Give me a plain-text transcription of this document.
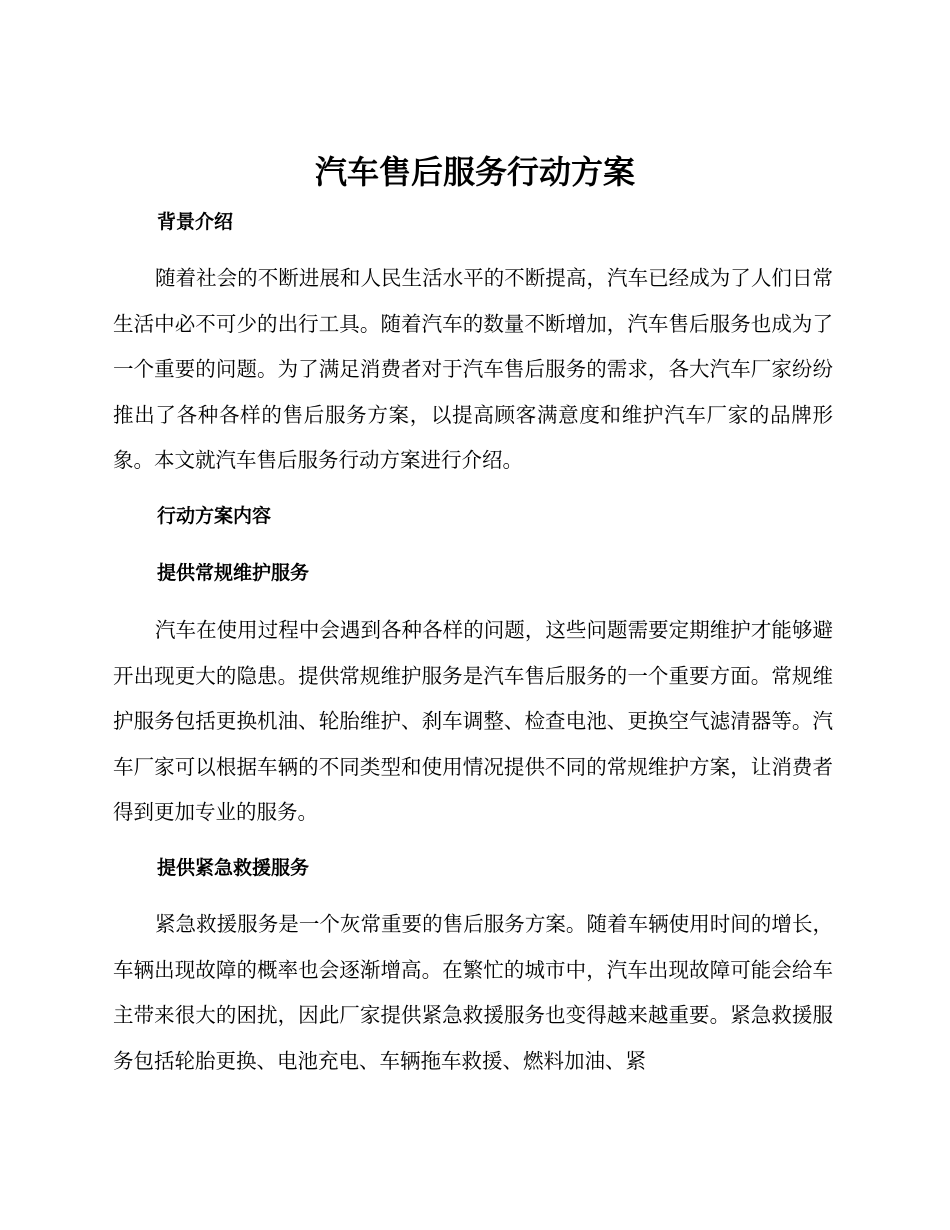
汽车售后服务行动方案
背景介绍

随着社会的不断进展和人民生活水平的不断提高，汽车已经成为了人们日常生活中必不可少的出行工具。随着汽车的数量不断增加，汽车售后服务也成为了一个重要的问题。为了满足消费者对于汽车售后服务的需求，各大汽车厂家纷纷推出了各种各样的售后服务方案，以提高顾客满意度和维护汽车厂家的品牌形象。本文就汽车售后服务行动方案进行介绍。

行动方案内容
提供常规维护服务

汽车在使用过程中会遇到各种各样的问题，这些问题需要定期维护才能够避开出现更大的隐患。提供常规维护服务是汽车售后服务的一个重要方面。常规维护服务包括更换机油、轮胎维护、刹车调整、检查电池、更换空气滤清器等。汽车厂家可以根据车辆的不同类型和使用情况提供不同的常规维护方案，让消费者得到更加专业的服务。

提供紧急救援服务

紧急救援服务是一个灰常重要的售后服务方案。随着车辆使用时间的增长，车辆出现故障的概率也会逐渐增高。在繁忙的城市中，汽车出现故障可能会给车主带来很大的困扰，因此厂家提供紧急救援服务也变得越来越重要。紧急救援服务包括轮胎更换、电池充电、车辆拖车救援、燃料加油、紧
